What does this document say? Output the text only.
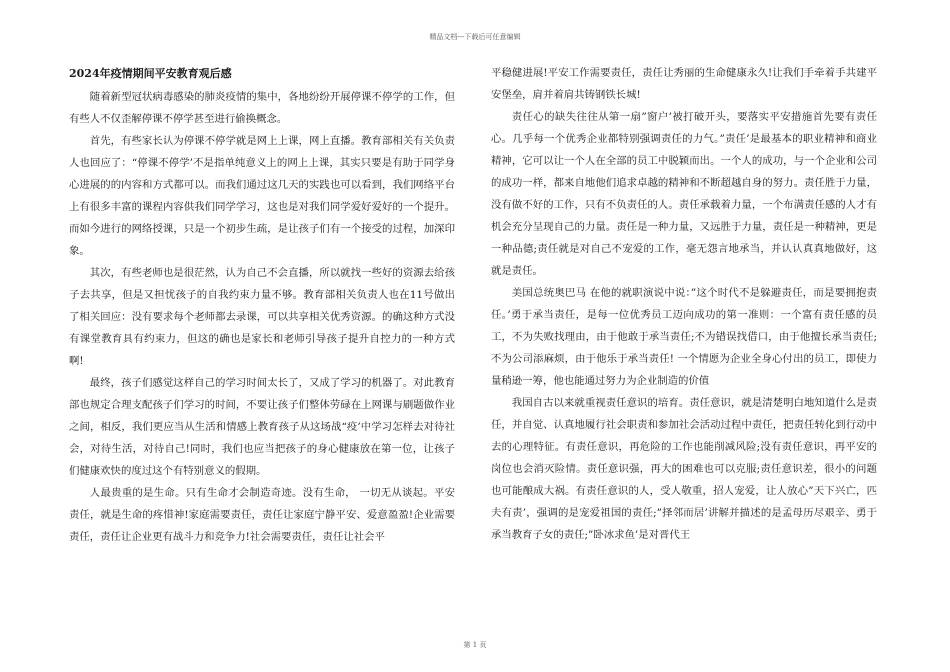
精品文档---下载后可任意编辑

2024年疫情期间平安教育观后感

随着新型冠状病毒感染的肺炎疫情的集中，各地纷纷开展停课不停学的工作，但有些人不仅歪解停课不停学甚至进行偷换概念。

首先，有些家长认为停课不停学就是网上上课，网上直播。教育部相关有关负责人也回应了：“停课不停学’不是指单纯意义上的网上上课，其实只要是有助于同学身心进展的的内容和方式都可以。而我们通过这几天的实践也可以看到，我们网络平台上有很多丰富的课程内容供我们同学学习，这也是对我们同学爱好爱好的一个提升。而如今进行的网络授课，只是一个初步生疏，是让孩子们有一个接受的过程，加深印象。

其次，有些老师也是很茫然，认为自己不会直播，所以就找一些好的资源去给孩子去共享，但是又担忧孩子的自我约束力量不够。教育部相关负责人也在11号做出了相关回应：没有要求每个老师都去录课，可以共享相关优秀资源。的确这种方式没有课堂教育具有约束力，但这的确也是家长和老师引导孩子提升自控力的一种方式啊!

最终，孩子们感觉这样自己的学习时间太长了，又成了学习的机器了。对此教育部也规定合理支配孩子们学习的时间，不要让孩子们整体劳碌在上网课与刷题做作业之间，相反，我们更应当从生活和情感上教育孩子从这场战“疫’中学习怎样去对待社会，对待生活，对待自己!同时，我们也应当把孩子的身心健康放在第一位，让孩子们健康欢快的度过这个有特别意义的假期。

人最贵重的是生命。只有生命才会制造奇迹。没有生命， 一切无从谈起。平安责任，就是生命的疼惜神!家庭需要责任，责任让家庭宁静平安、爱意盈盈!企业需要责任，责任让企业更有战斗力和竞争力!社会需要责任，责任让社会平

平稳健进展!平安工作需要责任，责任让秀丽的生命健康永久!让我们手牵着手共建平安堡垒，肩并着肩共铸钢铁长城!

责任心的缺失往往从第一扇”窗户’被打破开头，要落实平安措施首先要有责任心。几乎每一个优秀企业都特别强调责任的力气。”责任’是最基本的职业精神和商业精神，它可以让一个人在全部的员工中脱颖而出。一个人的成功，与一个企业和公司的成功一样，都来自地他们追求卓越的精神和不断超越自身的努力。责任胜于力量，没有做不好的工作，只有不负责任的人。责任承载着力量，一个布满责任感的人才有机会充分呈现自己的力量。责任是一种力量，又远胜于力量，责任是一种精神，更是一种品德;责任就是对自己不宠爱的工作，毫无怨言地承当，并认认真真地做好，这就是责任。

美国总统奥巴马 在他的就职演说中说：”这个时代不是躲避责任，而是要拥抱责任。’勇于承当责任，是每一位优秀员工迈向成功的第一准则：一个富有责任感的员工，不为失败找理由，由于他敢于承当责任;不为错误找借口，由于他擅长承当责任;不为公司添麻烦，由于他乐于承当责任! 一个情愿为企业全身心付出的员工，即使力量稍逊一筹，他也能通过努力为企业制造的价值

我国自古以来就重视责任意识的培育。责任意识，就是清楚明白地知道什么是责任，并自觉、认真地履行社会职责和参加社会活动过程中责任，把责任转化到行动中去的心理特征。有责任意识，再危险的工作也能削减风险;没有责任意识，再平安的岗位也会消灭险情。责任意识强，再大的困难也可以克服;责任意识差，很小的问题也可能酿成大祸。有责任意识的人，受人敬重，招人宠爱，让人放心”天下兴亡，匹夫有责’，强调的是宠爱祖国的责任;”择邻而居’讲解并描述的是孟母历尽艰辛、勇于承当教育子女的责任;”卧冰求鱼’是对晋代王

第 1 页
